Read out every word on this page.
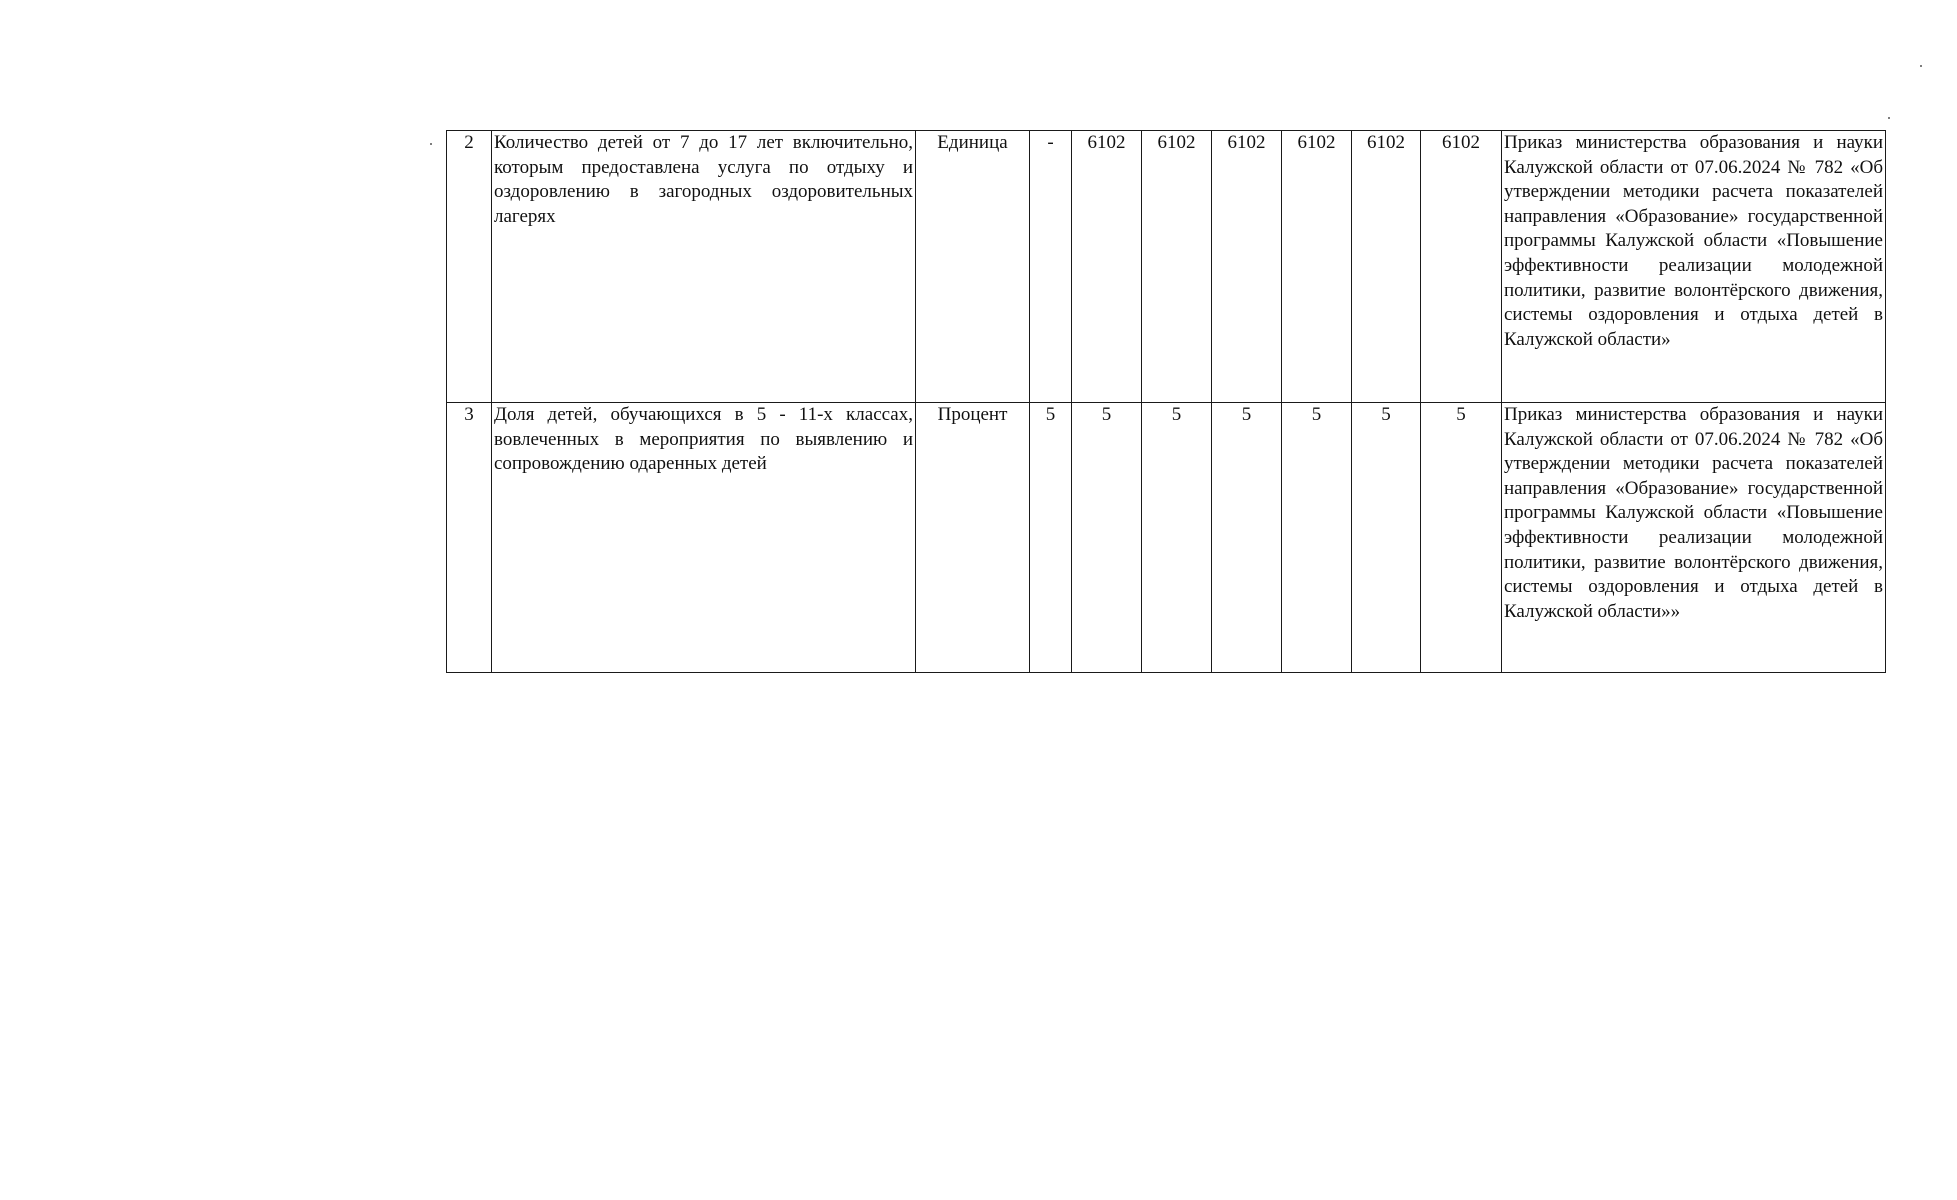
2	Количество детей от 7 до 17 лет включительно, которым предоставлена услуга по отдыху и оздоровлению в загородных оздоровительных лагерях	Единица	-	6102	6102	6102	6102	6102	6102	Приказ министерства образования и науки Калужской области от 07.06.2024 № 782 «Об утверждении методики расчета показателей направления «Образование» государственной программы Калужской области «Повышение эффективности реализации молодежной политики, развитие волонтёрского движения, системы оздоровления и отдыха детей в Калужской области»
3	Доля детей, обучающихся в 5 - 11-х классах, вовлеченных в мероприятия по выявлению и сопровождению одаренных детей	Процент	5	5	5	5	5	5	5	Приказ министерства образования и науки Калужской области от 07.06.2024 № 782 «Об утверждении методики расчета показателей направления «Образование» государственной программы Калужской области «Повышение эффективности реализации молодежной политики, развитие волонтёрского движения, системы оздоровления и отдыха детей в Калужской области»»
